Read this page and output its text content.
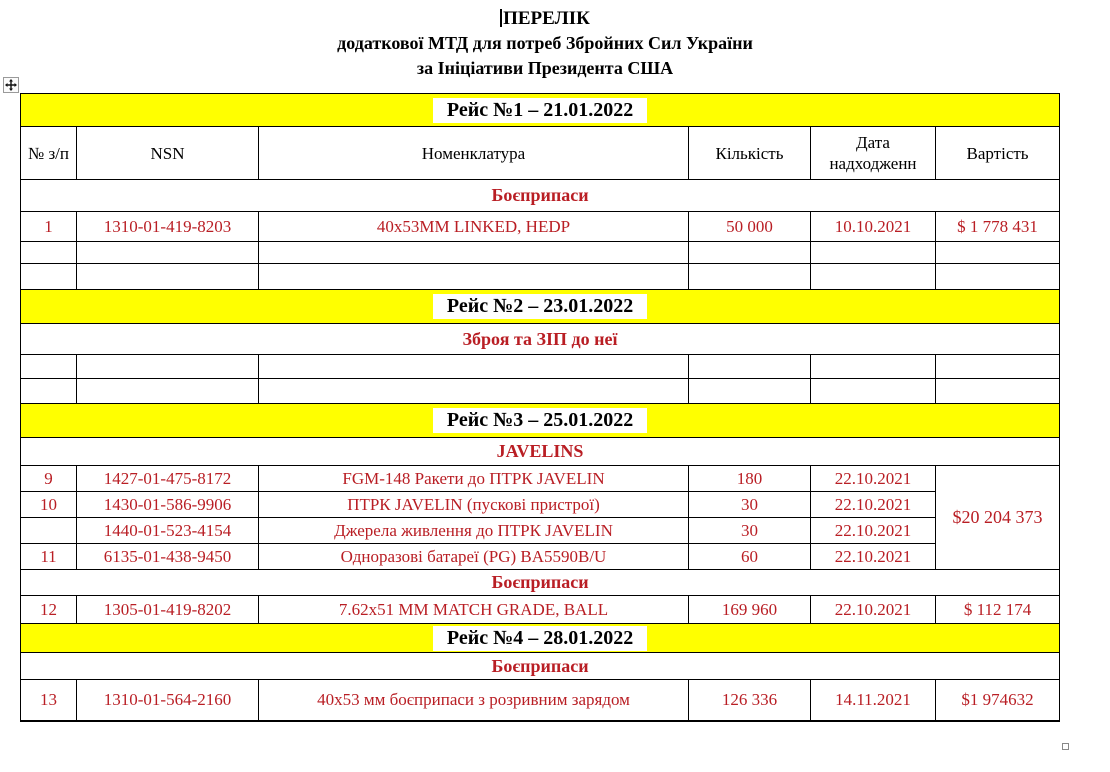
ПЕРЕЛІК
додаткової МТД для потреб Збройних Сил України
за Ініціативи Президента США
Рейс №1 – 21.01.2022					
№ з/п	NSN	Номенклатура	Кількість	Дата надходженн	Вартість
Боєприпаси					
1	1310-01-419-8203	40х53ММ LINKED, HEDP	50 000	10.10.2021	$ 1 778 431

Рейс №2 – 23.01.2022					
Зброя та ЗІП до неї					

Рейс №3 – 25.01.2022					
JAVELINS					
9	1427-01-475-8172	FGM-148 Ракети до ПТРК JAVELIN	180	22.10.2021	$20 204 373
10	1430-01-586-9906	ПТРК JAVELIN (пускові пристрої)	30	22.10.2021	
	1440-01-523-4154	Джерела живлення до ПТРК JAVELIN	30	22.10.2021	
11	6135-01-438-9450	Одноразові батареї (PG) BA5590B/U	60	22.10.2021	
Боєприпаси					
12	1305-01-419-8202	7.62х51 ММ MATCH GRADE, BALL	169 960	22.10.2021	$ 112 174
Рейс №4 – 28.01.2022					
Боєприпаси					
13	1310-01-564-2160	40х53 мм боєприпаси з розривним зарядом	126 336	14.11.2021	$1 974632
